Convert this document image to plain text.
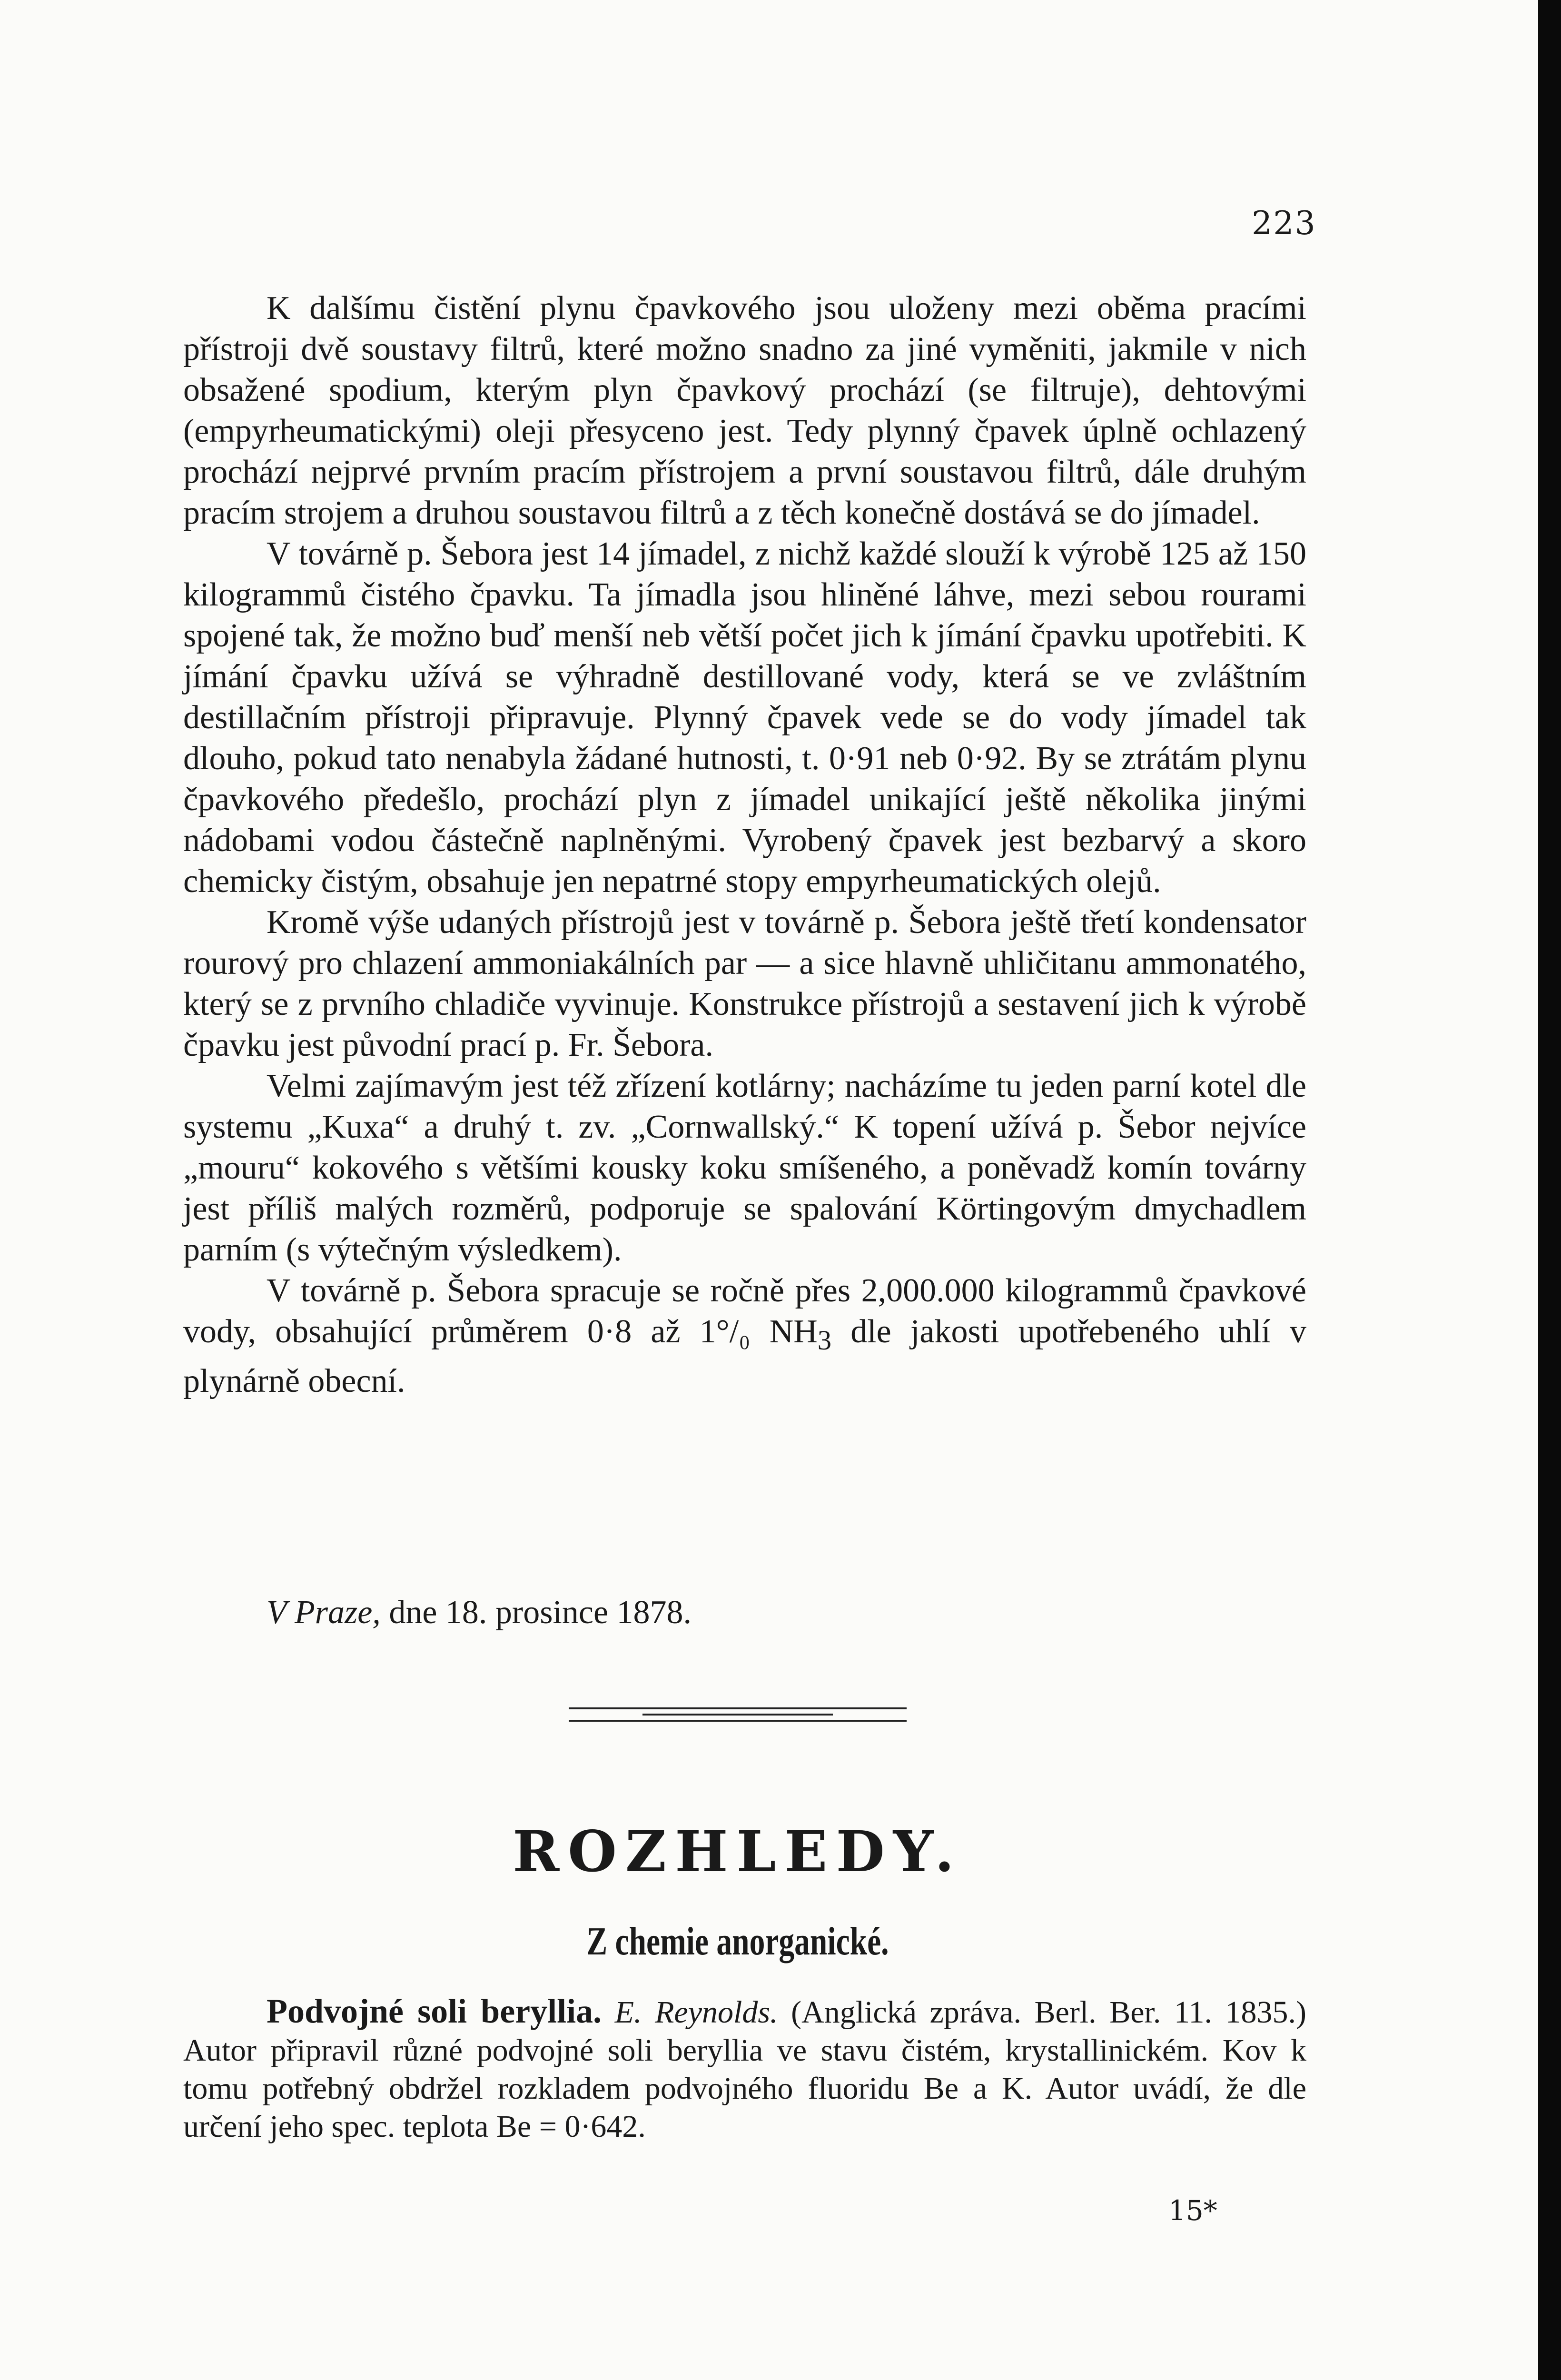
223

K dalšímu čistění plynu čpavkového jsou uloženy mezi oběma pracími přístroji dvě soustavy filtrů, které možno snadno za jiné vyměniti, jakmile v nich obsažené spodium, kterým plyn čpavkový prochází (se filtruje), dehtovými (empyrheumatickými) oleji přesyceno jest. Tedy plynný čpavek úplně ochlazený prochází nejprvé prvním pracím přístrojem a první soustavou filtrů, dále druhým pracím strojem a druhou soustavou filtrů a z těch konečně dostává se do jímadel.

V továrně p. Šebora jest 14 jímadel, z nichž každé slouží k výrobě 125 až 150 kilogrammů čistého čpavku. Ta jímadla jsou hliněné láhve, mezi sebou rourami spojené tak, že možno buď menší neb větší počet jich k jímání čpavku upotřebiti. K jímání čpavku užívá se výhradně destillované vody, která se ve zvláštním destillačním přístroji připravuje. Plynný čpavek vede se do vody jímadel tak dlouho, pokud tato nenabyla žádané hutnosti, t. 0·91 neb 0·92. By se ztrátám plynu čpavkového předešlo, prochází plyn z jímadel unikající ještě několika jinými nádobami vodou částečně naplněnými. Vyrobený čpavek jest bezbarvý a skoro chemicky čistým, obsahuje jen nepatrné stopy empyrheumatických olejů.

Kromě výše udaných přístrojů jest v továrně p. Šebora ještě třetí kondensator rourový pro chlazení ammoniakálních par — a sice hlavně uhličitanu ammonatého, který se z prvního chladiče vyvinuje. Konstrukce přístrojů a sestavení jich k výrobě čpavku jest původní prací p. Fr. Šebora.

Velmi zajímavým jest též zřízení kotlárny; nacházíme tu jeden parní kotel dle systemu „Kuxa“ a druhý t. zv. „Cornwallský.“ K topení užívá p. Šebor nejvíce „mouru“ kokového s většími kousky koku smíšeného, a poněvadž komín továrny jest příliš malých rozměrů, podporuje se spalování Körtingovým dmychadlem parním (s výtečným výsledkem).

V továrně p. Šebora spracuje se ročně přes 2,000.000 kilogrammů čpavkové vody, obsahující průměrem 0·8 až 1°/₀ $NH_3$ dle jakosti upotřebeného uhlí v plynárně obecní.

V Praze, dne 18. prosince 1878.

ROZHLEDY.
Z chemie anorganické.

Podvojné soli beryllia. E. Reynolds. (Anglická zpráva. Berl. Ber. 11. 1835.) Autor připravil různé podvojné soli beryllia ve stavu čistém, krystallinickém. Kov k tomu potřebný obdržel rozkladem podvojného fluoridu Be a K. Autor uvádí, že dle určení jeho spec. teplota Be = 0·642.

15*
